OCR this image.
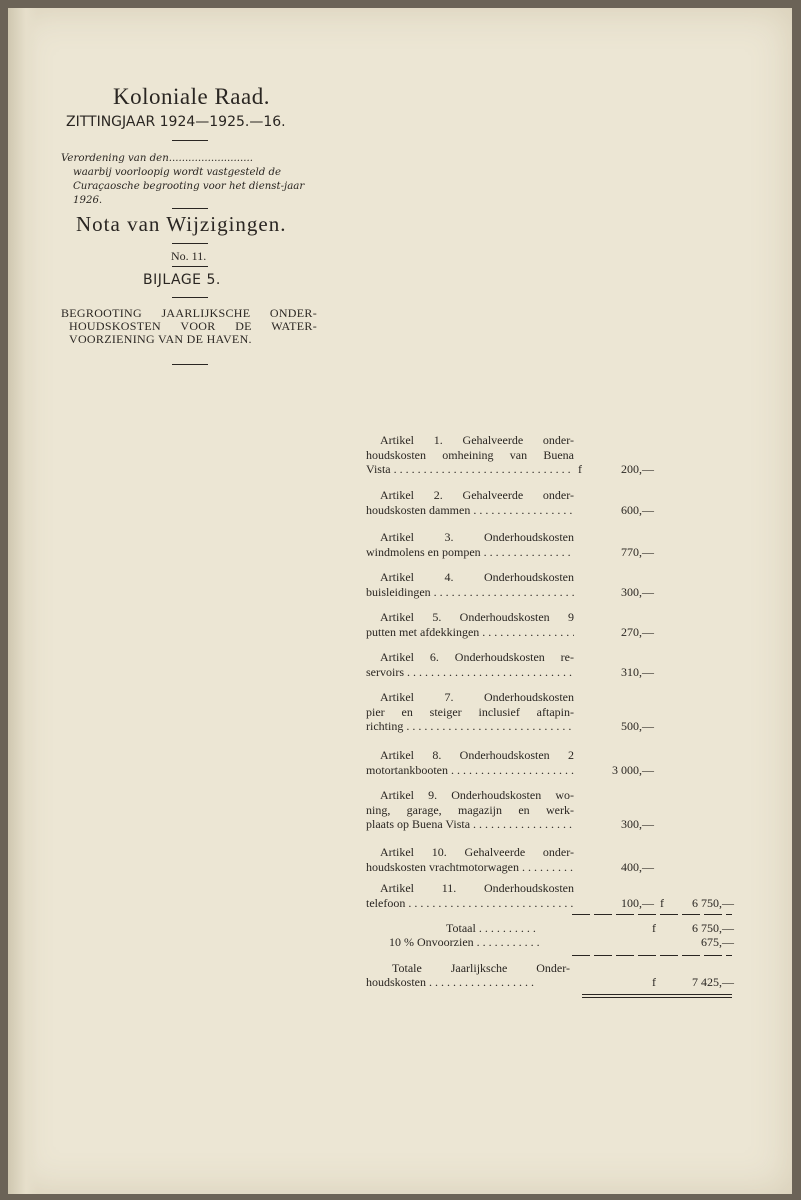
Koloniale Raad.
ZITTINGJAAR 1924—1925.—16.
Verordening van den..........................
waarbij voorloopig wordt vastgesteld de Curaçaosche begrooting voor het dienst-jaar 1926.
Nota van Wijzigingen.
No. 11.
BIJLAGE 5.
BEGROOTING JAARLIJKSCHE ONDER-
HOUDSKOSTEN VOOR DE WATER-
VOORZIENING VAN DE HAVEN.
Artikel 1. Gehalveerde onder-
houdskosten omheining van Buena
Vista . . .	f	200,—
Artikel 2. Gehalveerde onder-
houdskosten dammen . . .	600,—
Artikel 3. Onderhoudskosten
windmolens en pompen . . .	770,—
Artikel 4. Onderhoudskosten
buisleidingen . . .	300,—
Artikel 5. Onderhoudskosten 9
putten met afdekkingen . . .	270,—
Artikel 6. Onderhoudskosten re-
servoirs . . .	310,—
Artikel 7. Onderhoudskosten
pier en steiger inclusief aftapin-
richting . . .	500,—
Artikel 8. Onderhoudskosten 2
motortankbooten . . .	3 000,—
Artikel 9. Onderhoudskosten wo-
ning, garage, magazijn en werk-
plaats op Buena Vista . . .	300,—
Artikel 10. Gehalveerde onder-
houdskosten vrachtmotorwagen . . .	400,—
Artikel 11. Onderhoudskosten
telefoon . . .	100,— f	6 750,—
Totaal . . . . . . . . . .	f	6 750,—
10 % Onvoorzien . . . . . . . . . . .	675,—
Totale Jaarlijksche Onder-
houdskosten . . . . . . . . . . . . . . . . . .	f	7 425,—
